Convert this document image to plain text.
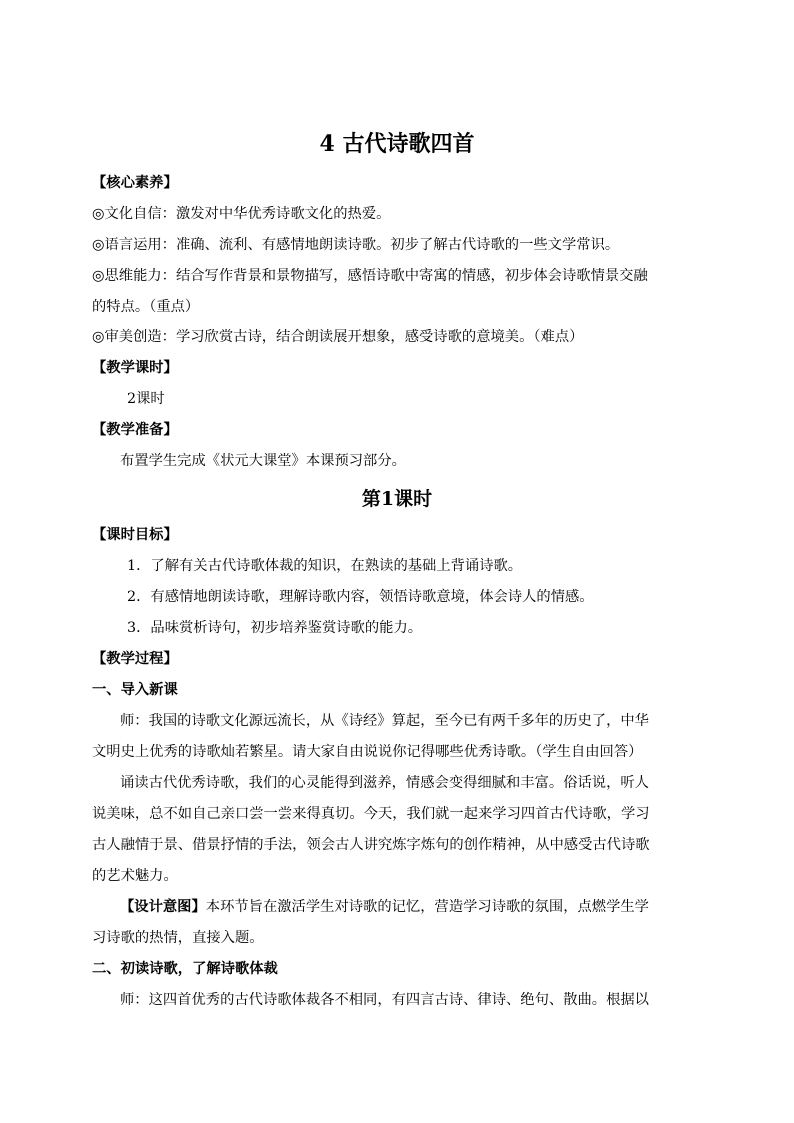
4 古代诗歌四首
【核心素养】
◎文化自信：激发对中华优秀诗歌文化的热爱。
◎语言运用：准确、流利、有感情地朗读诗歌。初步了解古代诗歌的一些文学常识。
◎思维能力：结合写作背景和景物描写，感悟诗歌中寄寓的情感，初步体会诗歌情景交融
的特点。（重点）
◎审美创造：学习欣赏古诗，结合朗读展开想象，感受诗歌的意境美。（难点）
【教学课时】
2课时
【教学准备】
布置学生完成《状元大课堂》本课预习部分。
第1课时
【课时目标】
1．了解有关古代诗歌体裁的知识，在熟读的基础上背诵诗歌。
2．有感情地朗读诗歌，理解诗歌内容，领悟诗歌意境，体会诗人的情感。
3．品味赏析诗句，初步培养鉴赏诗歌的能力。
【教学过程】
一、导入新课
师：我国的诗歌文化源远流长，从《诗经》算起，至今已有两千多年的历史了，中华
文明史上优秀的诗歌灿若繁星。请大家自由说说你记得哪些优秀诗歌。（学生自由回答）
诵读古代优秀诗歌，我们的心灵能得到滋养，情感会变得细腻和丰富。俗话说，听人
说美味，总不如自己亲口尝一尝来得真切。今天，我们就一起来学习四首古代诗歌，学习
古人融情于景、借景抒情的手法，领会古人讲究炼字炼句的创作精神，从中感受古代诗歌
的艺术魅力。
【设计意图】本环节旨在激活学生对诗歌的记忆，营造学习诗歌的氛围，点燃学生学
习诗歌的热情，直接入题。
二、初读诗歌，了解诗歌体裁
师：这四首优秀的古代诗歌体裁各不相同，有四言古诗、律诗、绝句、散曲。根据以
